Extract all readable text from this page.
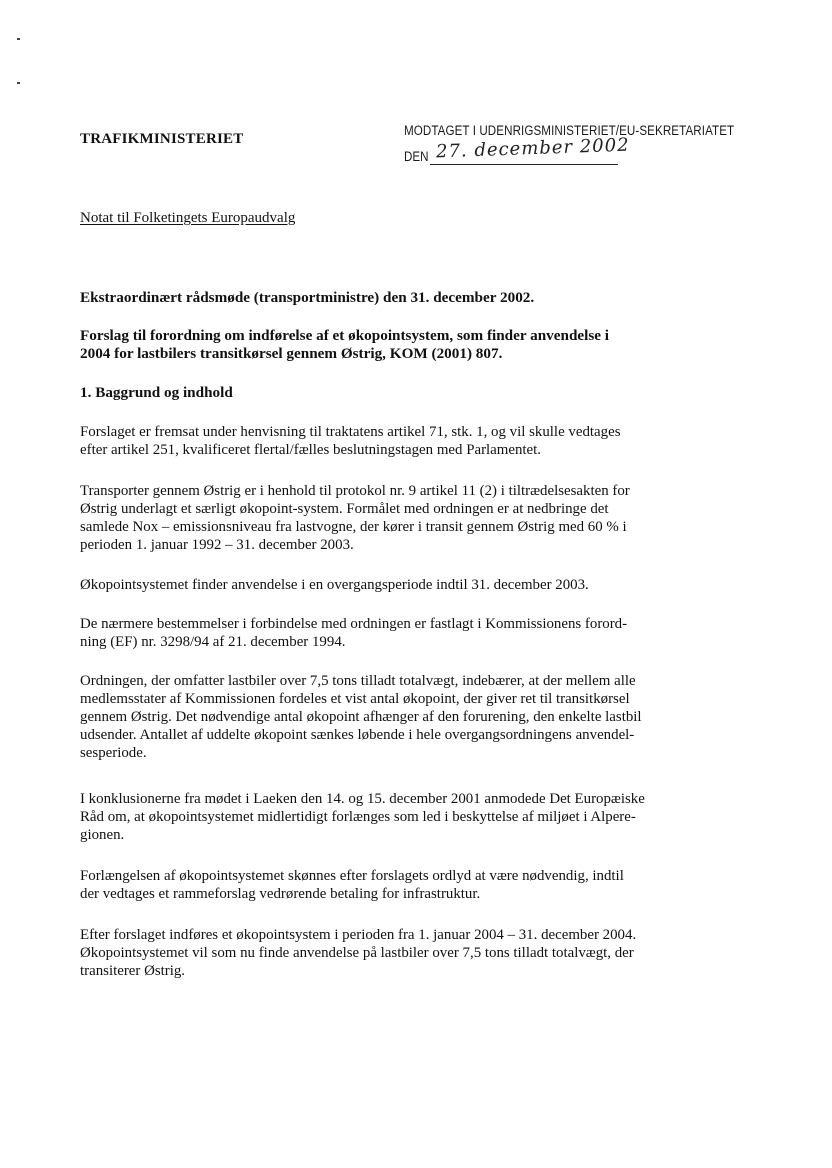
TRAFIKMINISTERIET
MODTAGET I UDENRIGSMINISTERIET/EU-SEKRETARIATET
DEN 27. december 2002
Notat til Folketingets Europaudvalg
Ekstraordinært rådsmøde (transportministre) den 31. december 2002.
Forslag til forordning om indførelse af et økopointsystem, som finder anvendelse i
2004 for lastbilers transitkørsel gennem Østrig, KOM (2001) 807.
1. Baggrund og indhold
Forslaget er fremsat under henvisning til traktatens artikel 71, stk. 1, og vil skulle vedtages
efter artikel 251, kvalificeret flertal/fælles beslutningstagen med Parlamentet.
Transporter gennem Østrig er i henhold til protokol nr. 9 artikel 11 (2) i tiltrædelsesakten for
Østrig underlagt et særligt økopoint-system. Formålet med ordningen er at nedbringe det
samlede Nox – emissionsniveau fra lastvogne, der kører i transit gennem Østrig med 60 % i
perioden 1. januar 1992 – 31. december 2003.
Økopointsystemet finder anvendelse i en overgangsperiode indtil 31. december 2003.
De nærmere bestemmelser i forbindelse med ordningen er fastlagt i Kommissionens forord-
ning (EF) nr. 3298/94 af 21. december 1994.
Ordningen, der omfatter lastbiler over 7,5 tons tilladt totalvægt, indebærer, at der mellem alle
medlemsstater af Kommissionen fordeles et vist antal økopoint, der giver ret til transitkørsel
gennem Østrig. Det nødvendige antal økopoint afhænger af den forurening, den enkelte lastbil
udsender. Antallet af uddelte økopoint sænkes løbende i hele overgangsordningens anvendel-
sesperiode.
I konklusionerne fra mødet i Laeken den 14. og 15. december 2001 anmodede Det Europæiske
Råd om, at økopointsystemet midlertidigt forlænges som led i beskyttelse af miljøet i Alpere-
gionen.
Forlængelsen af økopointsystemet skønnes efter forslagets ordlyd at være nødvendig, indtil
der vedtages et rammeforslag vedrørende betaling for infrastruktur.
Efter forslaget indføres et økopointsystem i perioden fra 1. januar 2004 – 31. december 2004.
Økopointsystemet vil som nu finde anvendelse på lastbiler over 7,5 tons tilladt totalvægt, der
transiterer Østrig.
